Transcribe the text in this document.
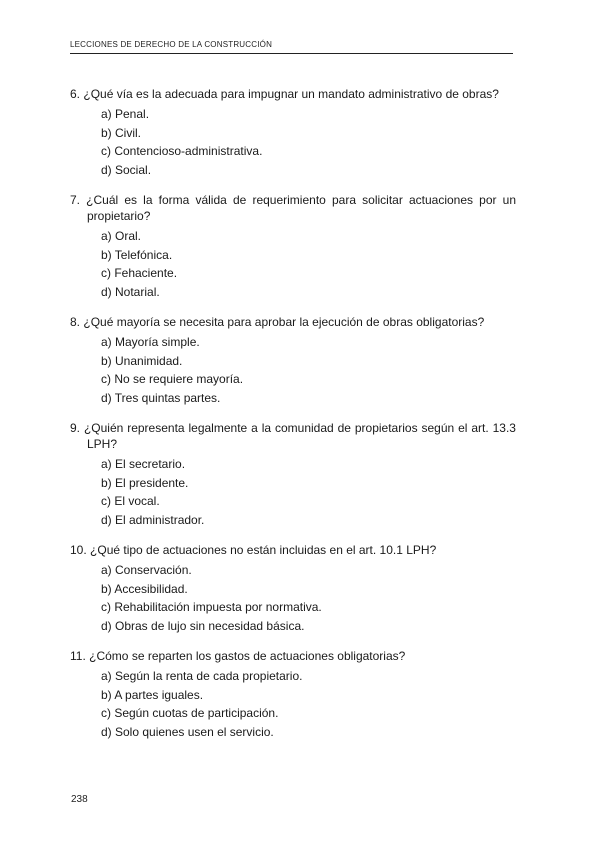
LECCIONES DE DERECHO DE LA CONSTRUCCIÓN
6. ¿Qué vía es la adecuada para impugnar un mandato administrativo de obras?
a) Penal.
b) Civil.
c) Contencioso-administrativa.
d) Social.
7. ¿Cuál es la forma válida de requerimiento para solicitar actuaciones por un propietario?
a) Oral.
b) Telefónica.
c) Fehaciente.
d) Notarial.
8. ¿Qué mayoría se necesita para aprobar la ejecución de obras obligatorias?
a) Mayoría simple.
b) Unanimidad.
c) No se requiere mayoría.
d) Tres quintas partes.
9. ¿Quién representa legalmente a la comunidad de propietarios según el art. 13.3 LPH?
a) El secretario.
b) El presidente.
c) El vocal.
d) El administrador.
10. ¿Qué tipo de actuaciones no están incluidas en el art. 10.1 LPH?
a) Conservación.
b) Accesibilidad.
c) Rehabilitación impuesta por normativa.
d) Obras de lujo sin necesidad básica.
11. ¿Cómo se reparten los gastos de actuaciones obligatorias?
a) Según la renta de cada propietario.
b) A partes iguales.
c) Según cuotas de participación.
d) Solo quienes usen el servicio.
238
